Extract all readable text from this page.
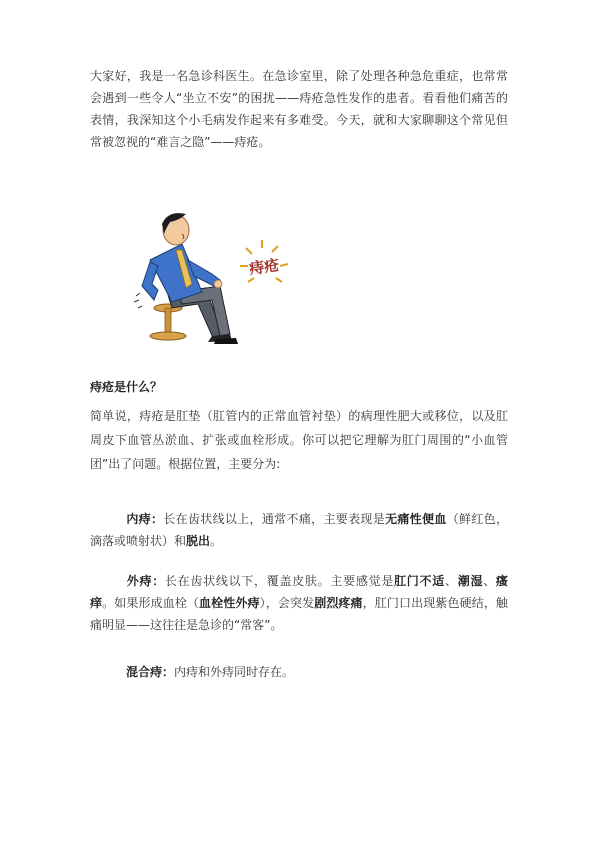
大家好，我是一名急诊科医生。在急诊室里，除了处理各种急危重症，也常常会遇到一些令人“坐立不安”的困扰——痔疮急性发作的患者。看看他们痛苦的表情，我深知这个小毛病发作起来有多难受。今天，就和大家聊聊这个常见但常被忽视的“难言之隐”——痔疮。

痔疮
痔疮是什么？

简单说，痔疮是肛垫（肛管内的正常血管衬垫）的病理性肥大或移位，以及肛周皮下血管丛淤血、扩张或血栓形成。你可以把它理解为肛门周围的“小血管团”出了问题。根据位置，主要分为:

内痔：长在齿状线以上，通常不痛，主要表现是无痛性便血（鲜红色，滴落或喷射状）和脱出。

外痔：长在齿状线以下，覆盖皮肤。主要感觉是肛门不适、潮湿、瘙痒。如果形成血栓（血栓性外痔），会突发剧烈疼痛，肛门口出现紫色硬结，触痛明显——这往往是急诊的“常客”。

混合痔：内痔和外痔同时存在。
